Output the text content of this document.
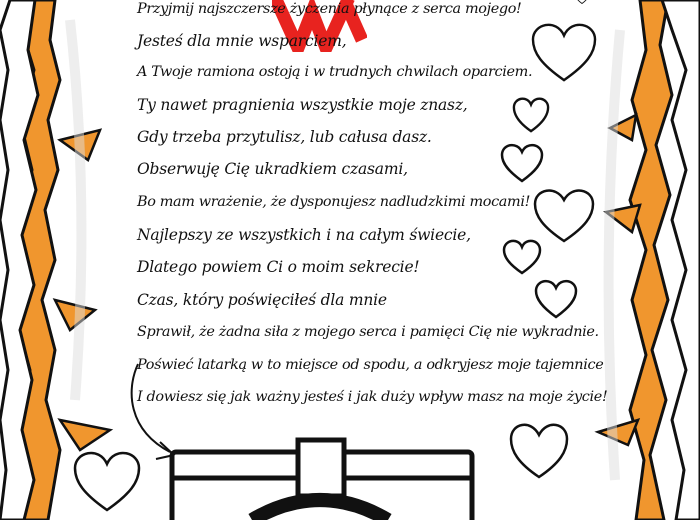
Przyjmij najszczersze życzenia płynące z serca mojego!
Jesteś dla mnie wsparciem,
A Twoje ramiona ostoją i w trudnych chwilach oparciem.
Ty nawet pragnienia wszystkie moje znasz,
Gdy trzeba przytulisz, lub całusa dasz.
Obserwuję Cię ukradkiem czasami,
Bo mam wrażenie, że dysponujesz nadludzkimi mocami!
Najlepszy ze wszystkich i na całym świecie,
Dlatego powiem Ci o moim sekrecie!
Czas, który poświęciłeś dla mnie
Sprawił, że żadna siła z mojego serca i pamięci Cię nie wykradnie.
Poświeć latarką w to miejsce od spodu, a odkryjesz moje tajemnice
I dowiesz się jak ważny jesteś i jak duży wpływ masz na moje życie!
